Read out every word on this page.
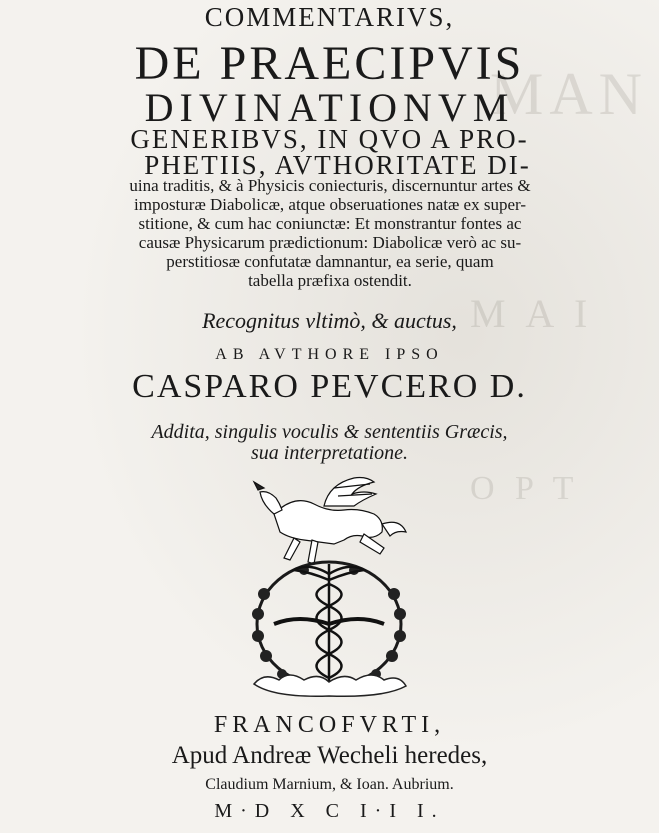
MAN
M A I
O P T
COMMENTARIVS,
DE PRAECIPVIS
DIVINATIONVM
GENERIBVS, IN QVO A PRO-
PHETIIS, AVTHORITATE DI-
uina traditis, & à Physicis coniecturis, discernuntur artes &
imposturæ Diabolicæ, atque obseruationes natæ ex super-
stitione, & cum hac coniunctæ: Et monstrantur fontes ac
causæ Physicarum prædictionum: Diabolicæ verò ac su-
perstitiosæ confutatæ damnantur, ea serie, quam
tabella præfixa ostendit.
Recognitus vltimò, & auctus,
AB AVTHORE IPSO
CASPARO PEVCERO D.
Addita, singulis voculis & sententiis Græcis,
sua interpretatione.
FRANCOFVRTI,
Apud Andreæ Wecheli heredes,
Claudium Marnium, & Ioan. Aubrium.
M·D X C I·I I.
